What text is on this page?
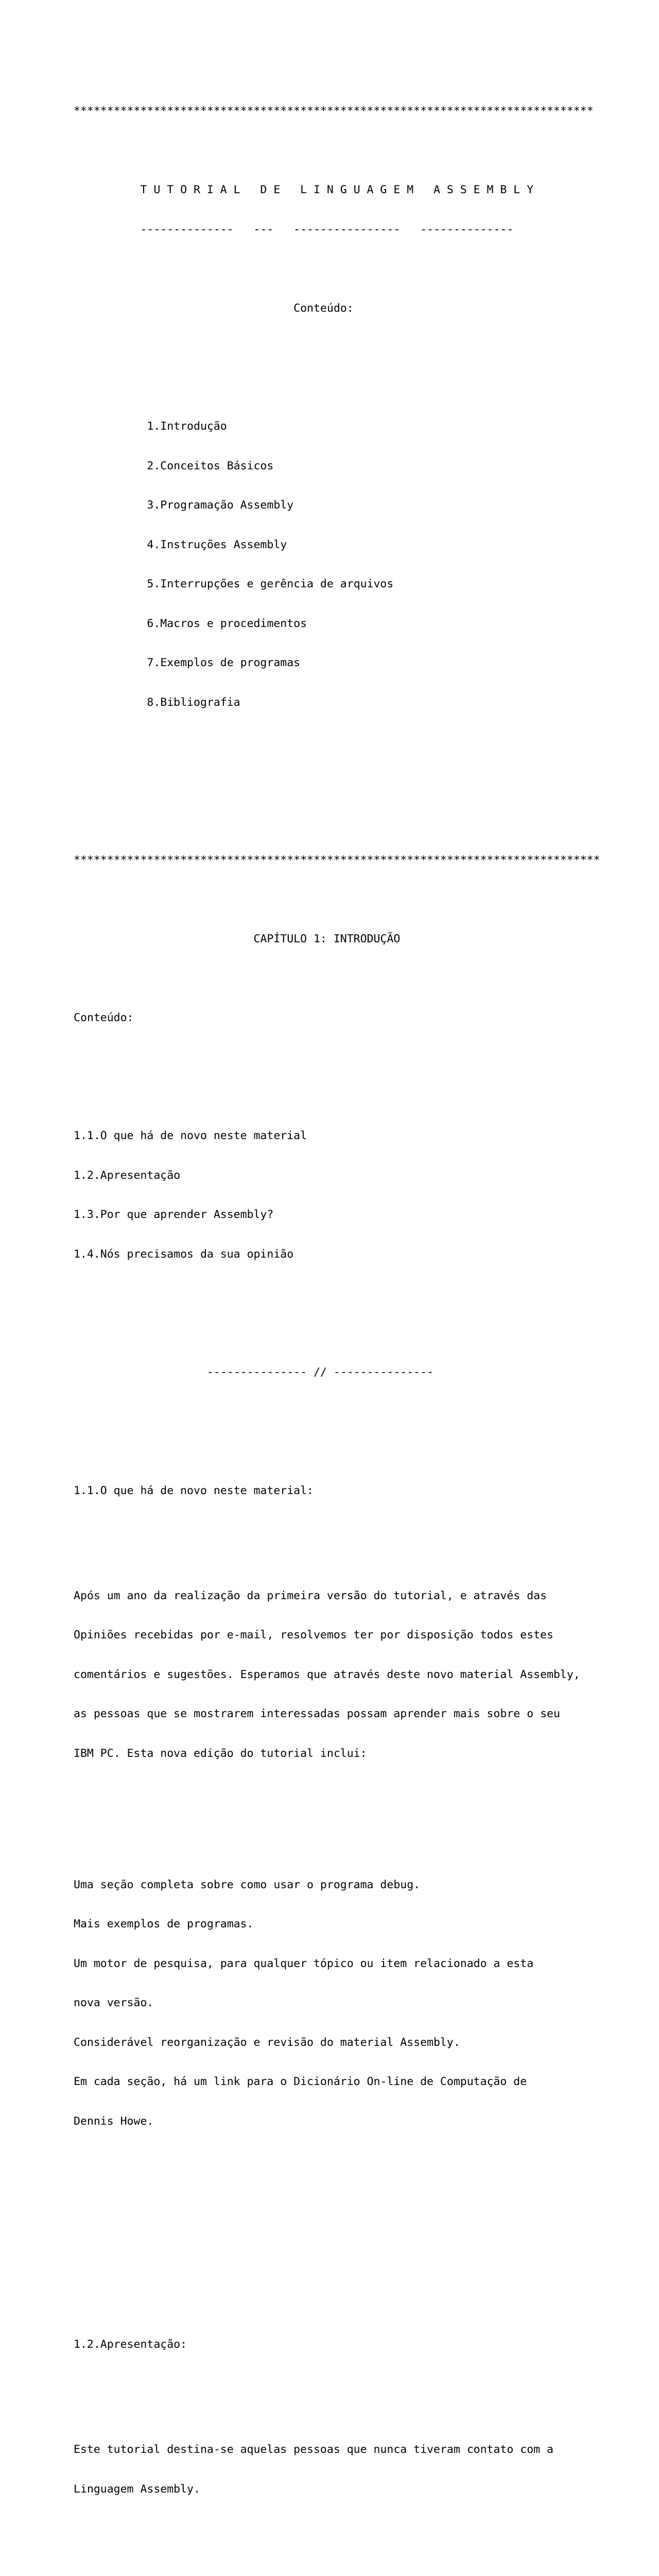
******************************************************************************

T U T O R I A L   D E   L I N G U A G E M   A S S E M B L Y

--------------   ---   ----------------   --------------

Conteúdo:

1.Introdução

2.Conceitos Básicos

3.Programação Assembly

4.Instruções Assembly

5.Interrupções e gerência de arquivos

6.Macros e procedimentos

7.Exemplos de programas

8.Bibliografia

*******************************************************************************

CAPÍTULO 1: INTRODUÇÃO

Conteúdo:

1.1.O que há de novo neste material

1.2.Apresentação

1.3.Por que aprender Assembly?

1.4.Nós precisamos da sua opinião

--------------- // ---------------

1.1.O que há de novo neste material:

Após um ano da realização da primeira versão do tutorial, e através das

Opiniões recebidas por e-mail, resolvemos ter por disposição todos estes

comentários e sugestões. Esperamos que através deste novo material Assembly,

as pessoas que se mostrarem interessadas possam aprender mais sobre o seu

IBM PC. Esta nova edição do tutorial inclui:

Uma seção completa sobre como usar o programa debug.

Mais exemplos de programas.

Um motor de pesquisa, para qualquer tópico ou item relacionado a esta

nova versão.

Considerável reorganização e revisão do material Assembly.

Em cada seção, há um link para o Dicionário On-line de Computação de

Dennis Howe.

1.2.Apresentação:

Este tutorial destina-se aquelas pessoas que nunca tiveram contato com a

Linguagem Assembly.
